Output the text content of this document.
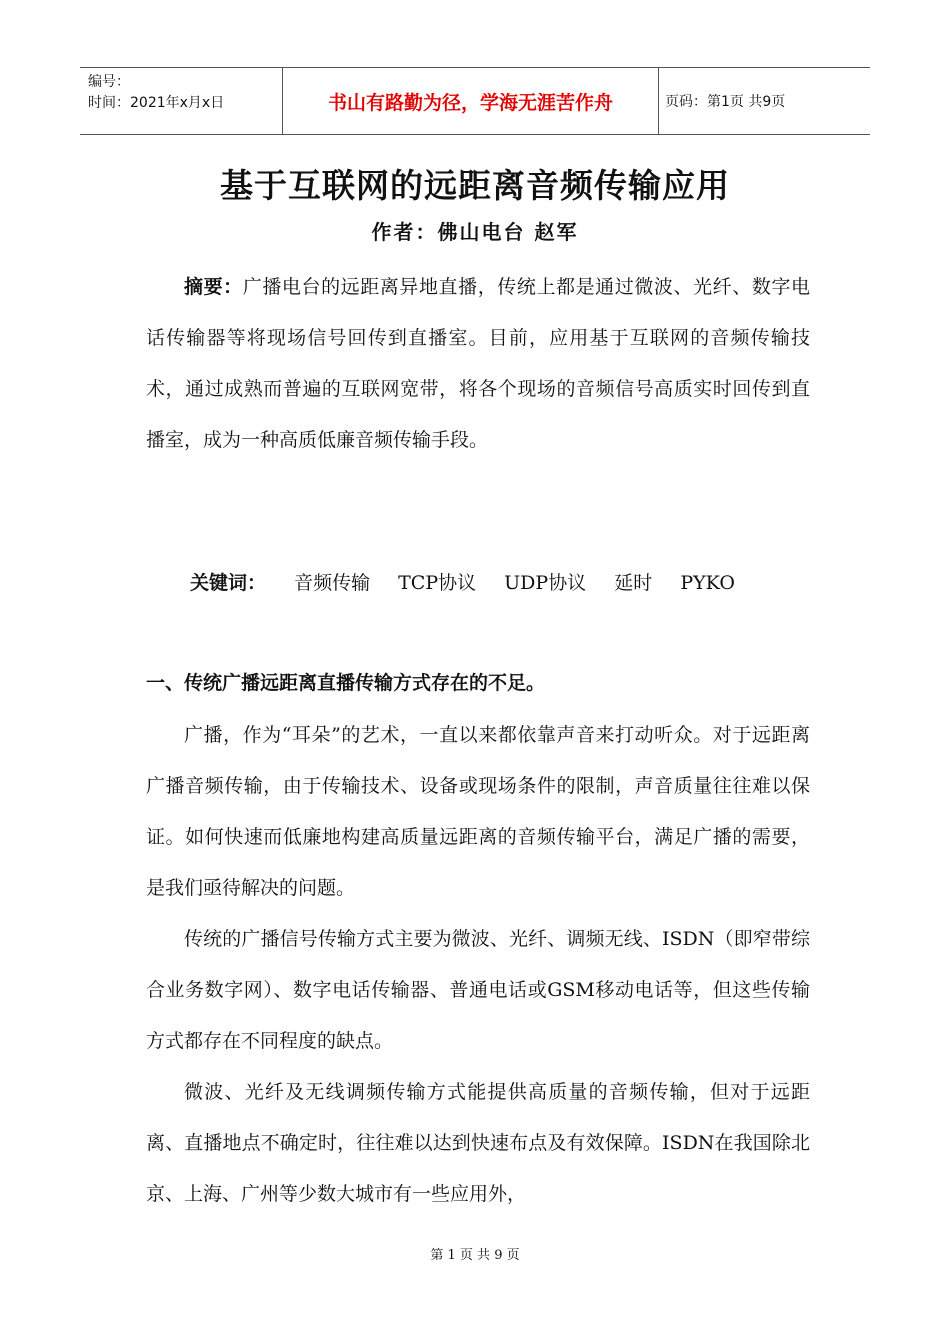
编号：
时间：2021年x月x日	书山有路勤为径，学海无涯苦作舟	页码：第1页 共9页
基于互联网的远距离音频传输应用
作者：佛山电台 赵军

摘要：广播电台的远距离异地直播，传统上都是通过微波、光纤、数字电话传输器等将现场信号回传到直播室。目前，应用基于互联网的音频传输技术，通过成熟而普遍的互联网宽带，将各个现场的音频信号高质实时回传到直播室，成为一种高质低廉音频传输手段。

关键词： 音频传输 TCP协议 UDP协议 延时 PYKO
一、传统广播远距离直播传输方式存在的不足。

广播，作为“耳朵”的艺术，一直以来都依靠声音来打动听众。对于远距离广播音频传输，由于传输技术、设备或现场条件的限制，声音质量往往难以保证。如何快速而低廉地构建高质量远距离的音频传输平台，满足广播的需要，是我们亟待解决的问题。

传统的广播信号传输方式主要为微波、光纤、调频无线、ISDN（即窄带综合业务数字网）、数字电话传输器、普通电话或GSM移动电话等，但这些传输方式都存在不同程度的缺点。

微波、光纤及无线调频传输方式能提供高质量的音频传输，但对于远距离、直播地点不确定时，往往难以达到快速布点及有效保障。ISDN在我国除北京、上海、广州等少数大城市有一些应用外，

第 1 页 共 9 页
